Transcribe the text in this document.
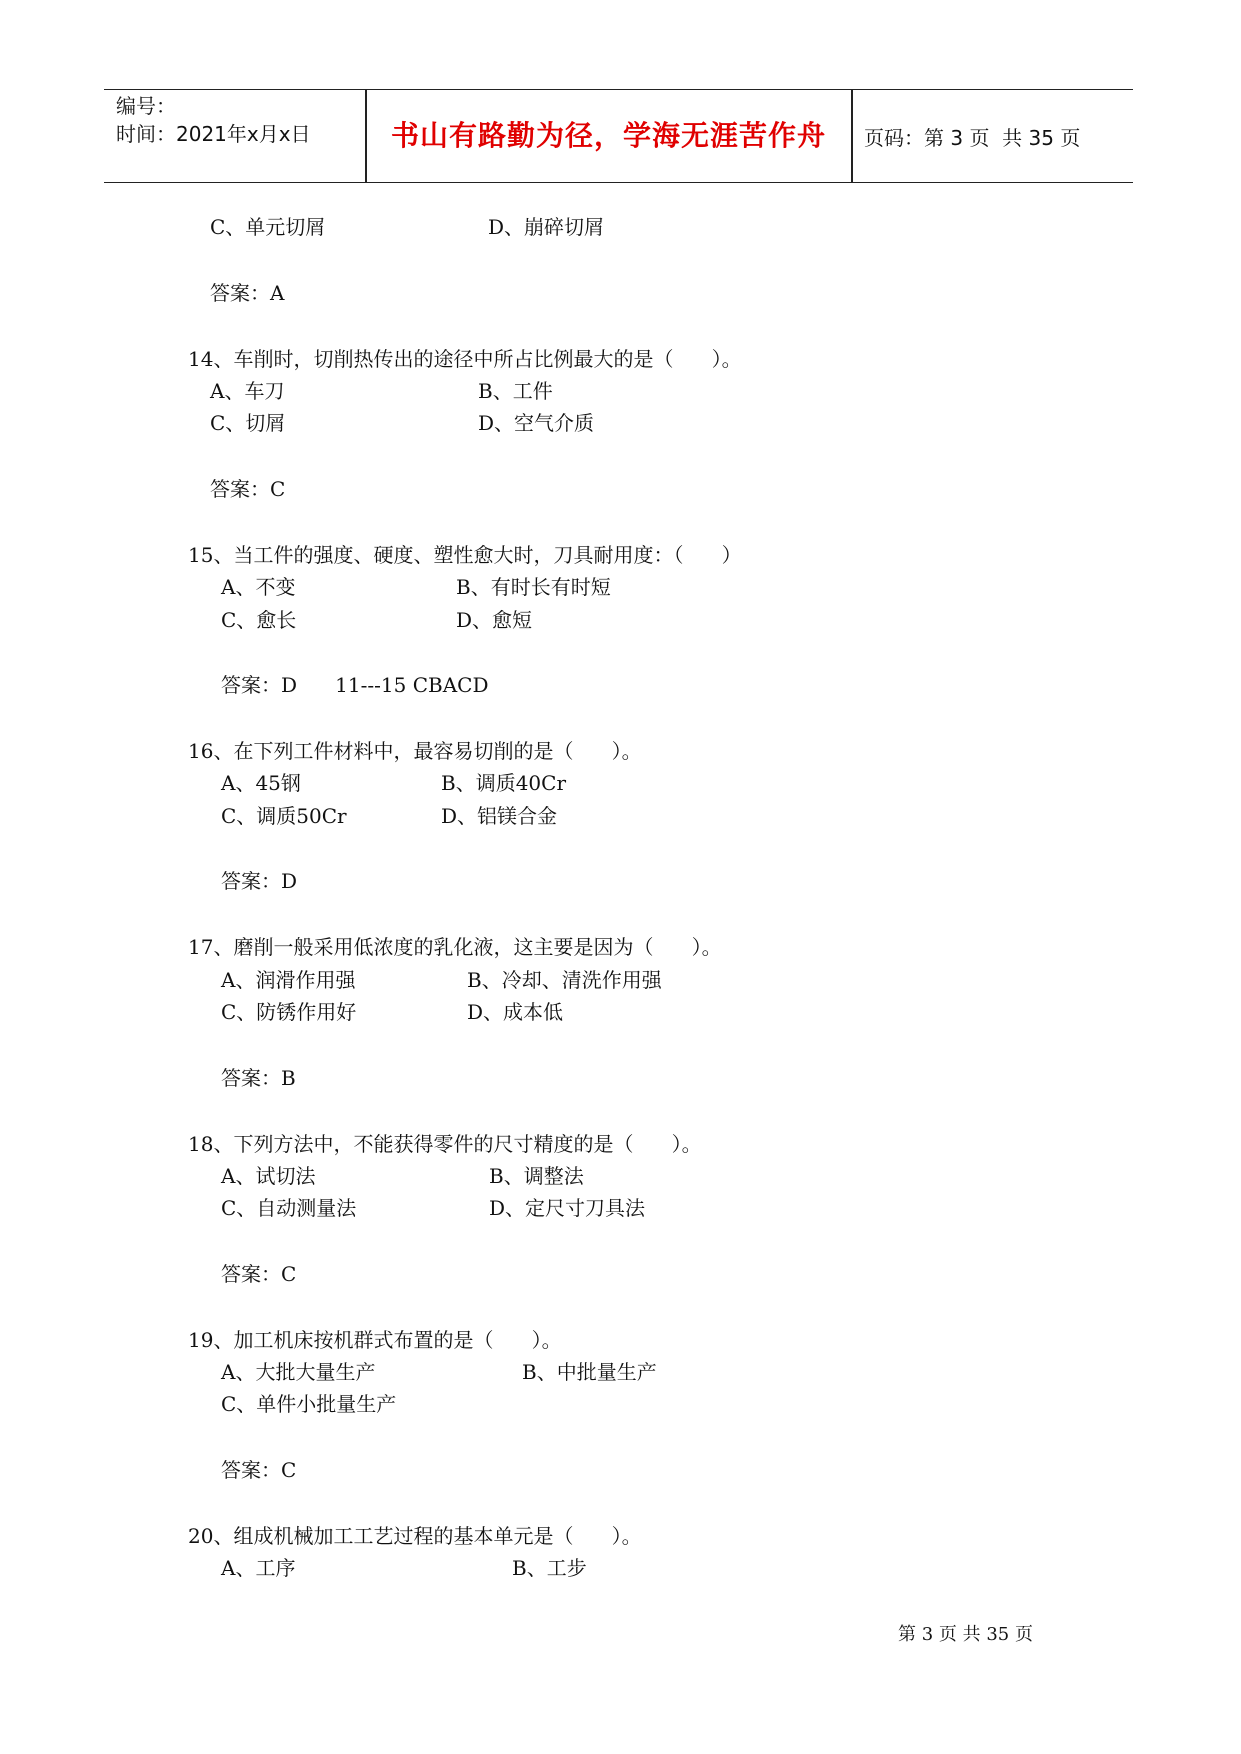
编号：
时间：2021年x月x日	书山有路勤为径，学海无涯苦作舟	页码：第 3 页  共 35 页
C、单元切屑	D、崩碎切屑
答案：A
14、车削时，切削热传出的途径中所占比例最大的是（      ）。
A、车刀	B、工件
C、切屑	D、空气介质
答案：C
15、当工件的强度、硬度、塑性愈大时，刀具耐用度：（      ）
A、不变	B、有时长有时短
C、愈长	D、愈短
答案：D      11---15 CBACD
16、在下列工件材料中，最容易切削的是（      ）。
A、45钢	B、调质40Cr
C、调质50Cr	D、铝镁合金
答案：D
17、磨削一般采用低浓度的乳化液，这主要是因为（      ）。
A、润滑作用强	B、冷却、清洗作用强
C、防锈作用好	D、成本低
答案：B
18、下列方法中，不能获得零件的尺寸精度的是（      ）。
A、试切法	B、调整法
C、自动测量法	D、定尺寸刀具法
答案：C
19、加工机床按机群式布置的是（      ）。
A、大批大量生产	B、中批量生产
C、单件小批量生产
答案：C
20、组成机械加工工艺过程的基本单元是（      ）。
A、工序	B、工步
第 3 页 共 35 页
